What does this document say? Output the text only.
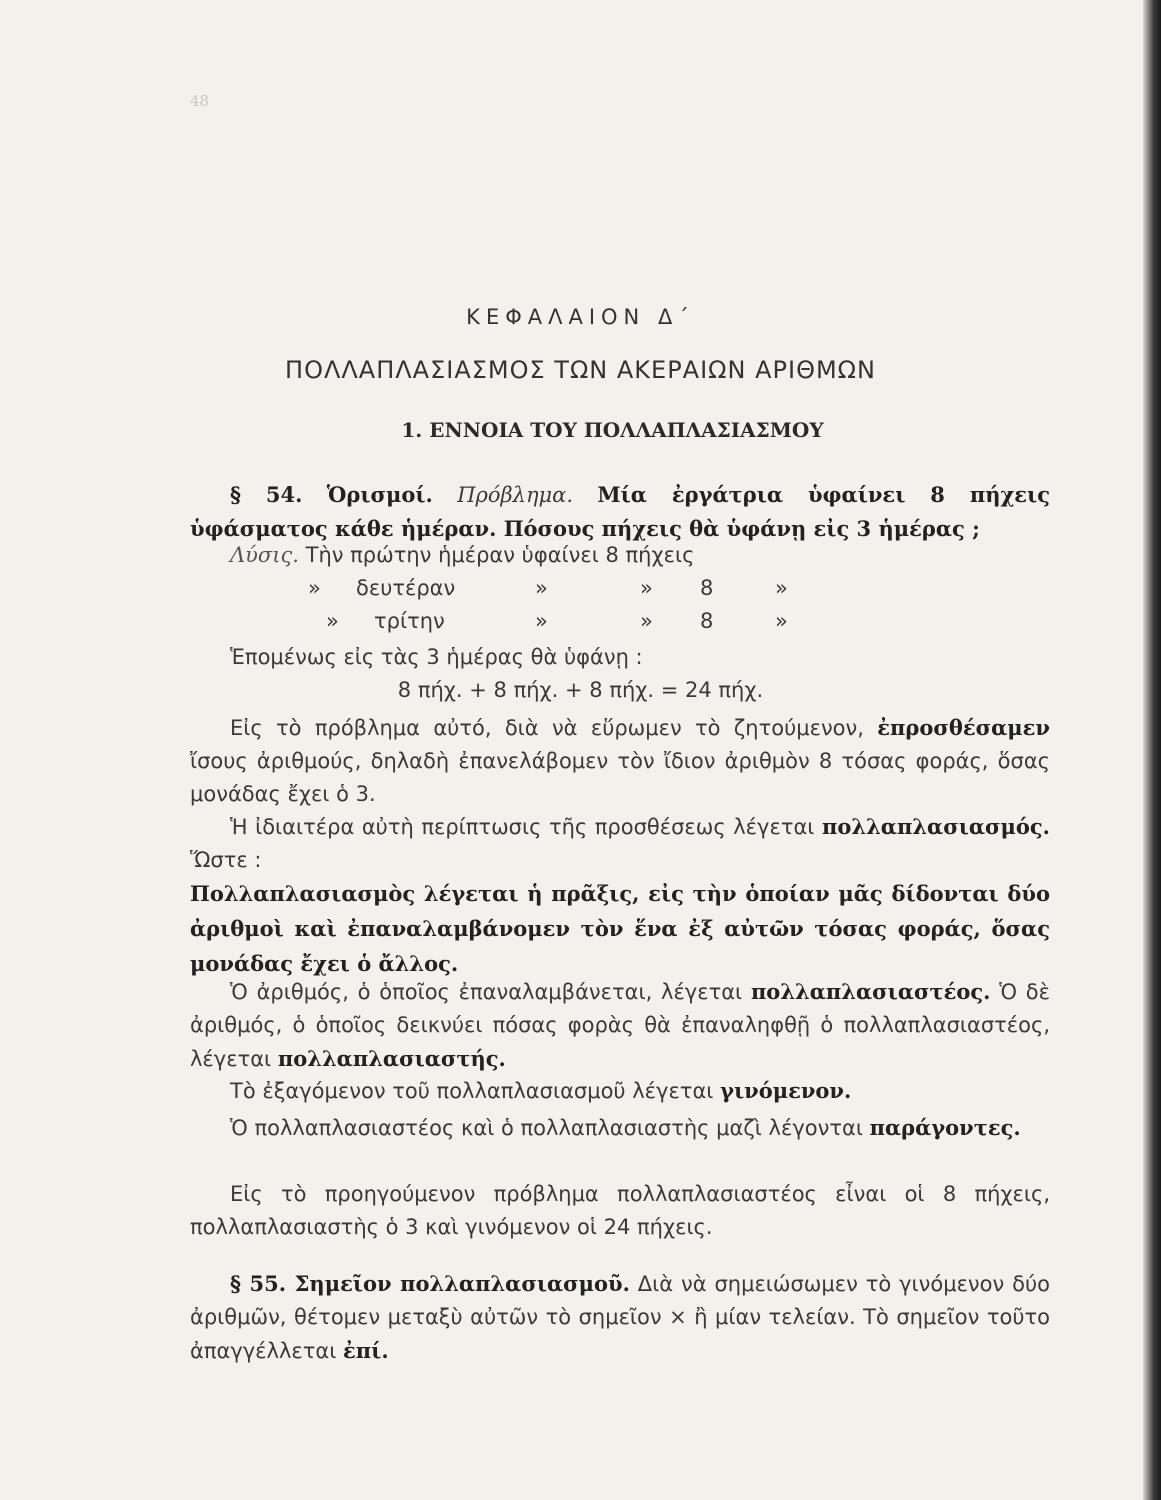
48
ΚΕΦΑΛΑΙΟΝ Δ΄
ΠΟΛΛΑΠΛΑΣΙΑΣΜΟΣ ΤΩΝ ΑΚΕΡΑΙΩΝ ΑΡΙΘΜΩΝ
1. ΕΝΝΟΙΑ ΤΟΥ ΠΟΛΛΑΠΛΑΣΙΑΣΜΟΥ
§ 54. Ὁρισμοί. Πρόβλημα. Μία ἐργάτρια ὑφαίνει 8 πήχεις ὑφάσματος κάθε ἡμέραν. Πόσους πήχεις θὰ ὑφάνῃ εἰς 3 ἡμέρας ;
Λύσις. Τὴν πρώτην ἡμέραν ὑφαίνει 8 πήχεις
» δευτέραν	»	» 8	»
» τρίτην	»	» 8	»
Ἑπομένως εἰς τὰς 3 ἡμέρας θὰ ὑφάνῃ :
8 πήχ. + 8 πήχ. + 8 πήχ. = 24 πήχ.
Εἰς τὸ πρόβλημα αὐτό, διὰ νὰ εὕρωμεν τὸ ζητούμενον, ἐπροσθέσαμεν ἴσους ἀριθμούς, δηλαδὴ ἐπανελάβομεν τὸν ἴδιον ἀριθμὸν 8 τόσας φοράς, ὅσας μονάδας ἔχει ὁ 3.
Ἡ ἰδιαιτέρα αὐτὴ περίπτωσις τῆς προσθέσεως λέγεται πολλαπλασιασμός. Ὥστε :
Πολλαπλασιασμὸς λέγεται ἡ πρᾶξις, εἰς τὴν ὁποίαν μᾶς δίδονται δύο ἀριθμοὶ καὶ ἐπαναλαμβάνομεν τὸν ἕνα ἐξ αὐτῶν τόσας φοράς, ὅσας μονάδας ἔχει ὁ ἄλλος.
Ὁ ἀριθμός, ὁ ὁποῖος ἐπαναλαμβάνεται, λέγεται πολλαπλασιαστέος. Ὁ δὲ ἀριθμός, ὁ ὁποῖος δεικνύει πόσας φορὰς θὰ ἐπαναληφθῇ ὁ πολλαπλασιαστέος, λέγεται πολλαπλασιαστής.
Τὸ ἐξαγόμενον τοῦ πολλαπλασιασμοῦ λέγεται γινόμενον.
Ὁ πολλαπλασιαστέος καὶ ὁ πολλαπλασιαστὴς μαζὶ λέγονται παράγοντες.
Εἰς τὸ προηγούμενον πρόβλημα πολλαπλασιαστέος εἶναι οἱ 8 πήχεις, πολλαπλασιαστὴς ὁ 3 καὶ γινόμενον οἱ 24 πήχεις.
§ 55. Σημεῖον πολλαπλασιασμοῦ. Διὰ νὰ σημειώσωμεν τὸ γινόμενον δύο ἀριθμῶν, θέτομεν μεταξὺ αὐτῶν τὸ σημεῖον × ἢ μίαν τελείαν. Τὸ σημεῖον τοῦτο ἀπαγγέλλεται ἐπί.
